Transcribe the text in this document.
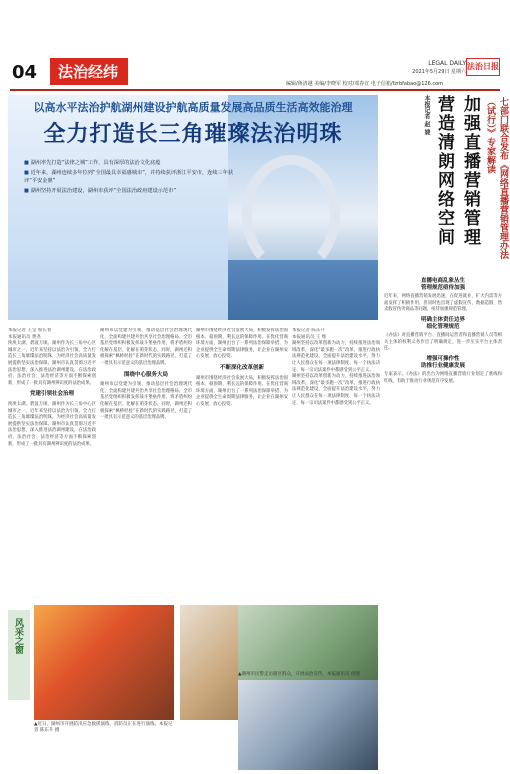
04	法治经纬	LEGAL DAILY
2021年5月29日 星期六
法治日报
编辑/蒋清越 美编/李晓军 校对/邓春宜 电子信箱/fzrbfabao@126.com
以高水平法治护航湖州建设护航高质量发展高品质生活高效能治理
全力打造长三角璀璨法治明珠
■ 湖州率先打造“法律之城”工作，具有深厚的法治文化底蕴
■ 近年来，湖州连续多年位列“全国最具幸福感城市”，并持续获评浙江平安市，连续三年获评“平安金鼎”
■ 湖州坚持开展法治建设，湖州市获评“全国法治政府建设示范市”
本报记者 王莹 蔡长春
本报通讯员 费尧
泱泱太湖，碧波万顷。湖州作为长三角中心区城市之一，近年来坚持以法治为引领，全力打造长三角璀璨法治明珠，为经济社会高质量发展提供坚实法治保障。湖州市认真贯彻习近平法治思想，深入推进法治湖州建设，在法治政府、法治社会、法治经济等方面不断探索创新，形成了一批具有湖州辨识度的法治成果。
党建引领社会治理
泱泱太湖，碧波万顷。湖州作为长三角中心区城市之一，近年来坚持以法治为引领，全力打造长三角璀璨法治明珠，为经济社会高质量发展提供坚实法治保障。湖州市认真贯彻习近平法治思想，深入推进法治湖州建设，在法治政府、法治社会、法治经济等方面不断探索创新，形成了一批具有湖州辨识度的法治成果。
湖州市以党建为引领，推动基层社会治理现代化，全面构建共建共治共享社会治理格局。全市基层党组织积极发挥战斗堡垒作用，将矛盾纠纷化解在基层、化解在萌芽状态。同时，湖州还积极探索“枫桥经验”在新时代的实践路径，打造了一批具有示范意义的基层治理品牌。
围绕中心服务大局
湖州市以党建为引领，推动基层社会治理现代化，全面构建共建共治共享社会治理格局。全市基层党组织积极发挥战斗堡垒作用，将矛盾纠纷化解在基层、化解在萌芽状态。同时，湖州还积极探索“枫桥经验”在新时代的实践路径，打造了一批具有示范意义的基层治理品牌。
湖州市围绕经济社会发展大局，积极发挥法治固根本、稳预期、利长远的保障作用。在优化营商环境方面，湖州出台了一系列法治保障举措，为企业提供全生命周期法律服务，让企业在湖州安心发展、放心投资。
不断深化改革创新
湖州市围绕经济社会发展大局，积极发挥法治固根本、稳预期、利长远的保障作用。在优化营商环境方面，湖州出台了一系列法治保障举措，为企业提供全生命周期法律服务，让企业在湖州安心发展、放心投资。
本报记者 陈东升
本报通讯员 王 维
湖州坚持以改革创新为动力，持续推进法治领域改革，深化“最多跑一次”改革，推进行政执法规范化建设，全面提升法治建设水平，努力让人民群众在每一项法律制度、每一个执法决定、每一宗司法案件中都感受到公平正义。
湖州坚持以改革创新为动力，持续推进法治领域改革，深化“最多跑一次”改革，推进行政执法规范化建设，全面提升法治建设水平，努力让人民群众在每一项法律制度、每一个执法决定、每一宗司法案件中都感受到公平正义。
七部门联合发布《网络直播营销管理办法（试行）》专家解读
加强直播营销管理
营造清朗网络空间
本报记者 赵 婕
直播电商乱象丛生
管理规范亟待加强
近年来，网络直播营销发展迅速，在促进就业、扩大内需等方面发挥了积极作用，但同时也出现了虚假宣传、数据造假、售卖假冒伪劣商品等问题，亟待加强规范管理。
明确主体责任边界
细化管理规范
《办法》对直播营销平台、直播间运营者和直播营销人员等相关主体的权利义务作出了明确规定，进一步压实平台主体责任。
增强可操作性
助推行业健康发展
专家表示，《办法》的出台为网络直播营销行业划定了底线和红线，有助于推动行业规范有序发展。
风采之窗
▲近日，湖州市开展防汛应急救援演练，消防员正在进行演练。本报记者 陈东升 摄
▲湖州市民警走访辖区群众，开展法治宣传。本报通讯员 供图
